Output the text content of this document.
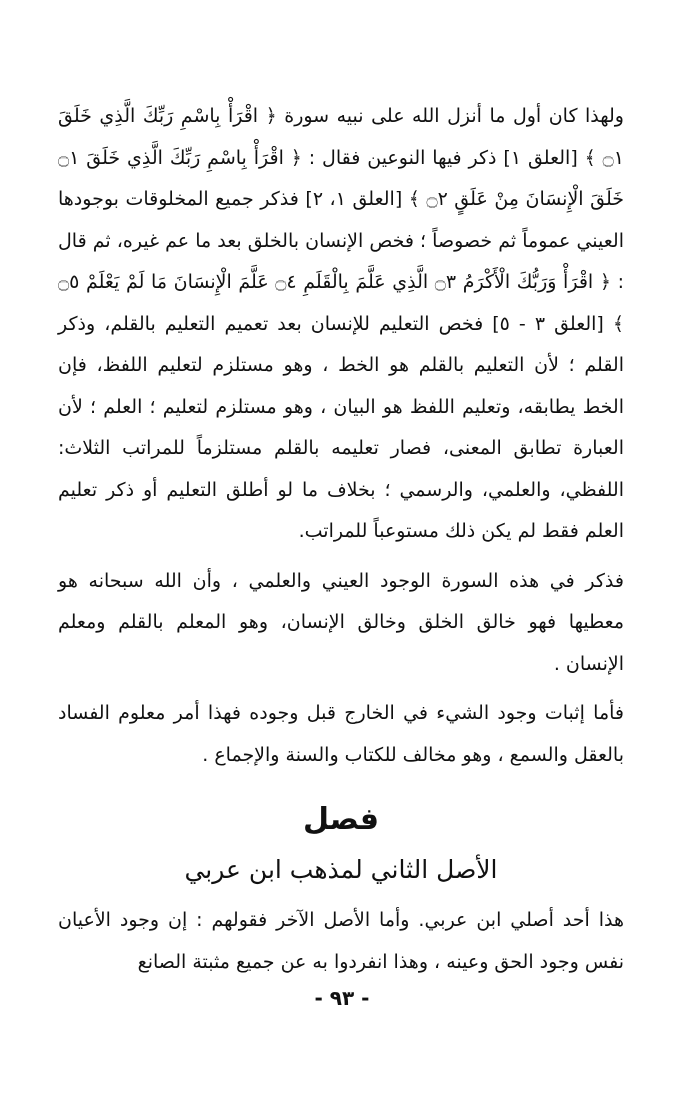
ولهذا كان أول ما أنزل الله على نبيه سورة ﴿ اقْرَأْ بِاسْمِ رَبِّكَ الَّذِي خَلَقَ ۝١ ﴾ [العلق ١] ذكر فيها النوعين فقال : ﴿ اقْرَأْ بِاسْمِ رَبِّكَ الَّذِي خَلَقَ ۝١ خَلَقَ الْإِنسَانَ مِنْ عَلَقٍ ۝٢ ﴾ [العلق ١، ٢] فذكر جميع المخلوقات بوجودها العيني عموماً ثم خصوصاً ؛ فخص الإنسان بالخلق بعد ما عم غيره، ثم قال : ﴿ اقْرَأْ وَرَبُّكَ الْأَكْرَمُ ۝٣ الَّذِي عَلَّمَ بِالْقَلَمِ ۝٤ عَلَّمَ الْإِنسَانَ مَا لَمْ يَعْلَمْ ۝٥ ﴾ [العلق ٣ - ٥] فخص التعليم للإنسان بعد تعميم التعليم بالقلم، وذكر القلم ؛ لأن التعليم بالقلم هو الخط ، وهو مستلزم لتعليم اللفظ، فإن الخط يطابقه، وتعليم اللفظ هو البيان ، وهو مستلزم لتعليم ؛ العلم ؛ لأن العبارة تطابق المعنى، فصار تعليمه بالقلم مستلزماً للمراتب الثلاث: اللفظي، والعلمي، والرسمي ؛ بخلاف ما لو أطلق التعليم أو ذكر تعليم العلم فقط لم يكن ذلك مستوعباً للمراتب.

فذكر في هذه السورة الوجود العيني والعلمي ، وأن الله سبحانه هو معطيها فهو خالق الخلق وخالق الإنسان، وهو المعلم بالقلم ومعلم الإنسان .

فأما إثبات وجود الشيء في الخارج قبل وجوده فهذا أمر معلوم الفساد بالعقل والسمع ، وهو مخالف للكتاب والسنة والإجماع .

فصل
الأصل الثاني لمذهب ابن عربي

هذا أحد أصلي ابن عربي. وأما الأصل الآخر فقولهم : إن وجود الأعيان نفس وجود الحق وعينه ، وهذا انفردوا به عن جميع مثبتة الصانع

- ٩٣ -
